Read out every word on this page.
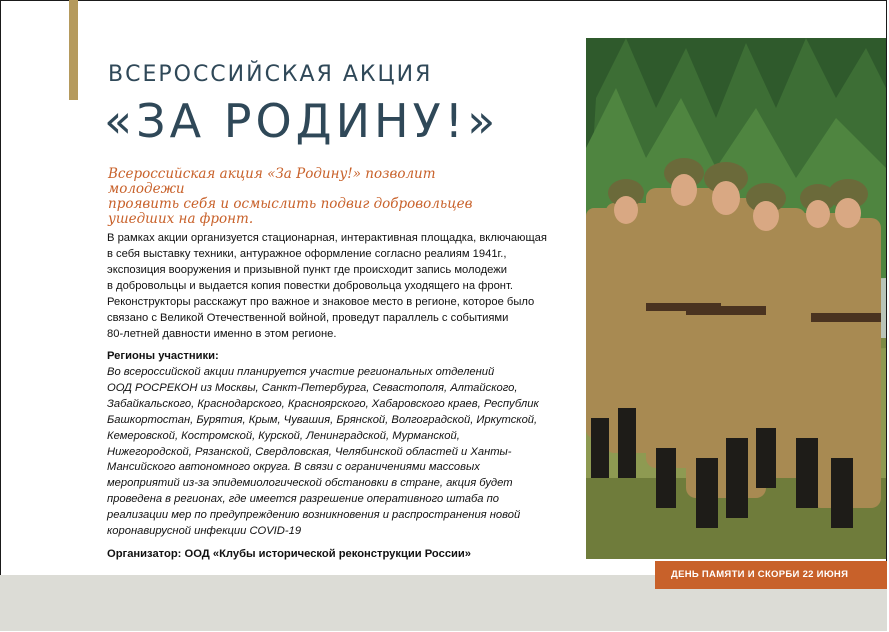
ВСЕРОССИЙСКАЯ АКЦИЯ
«ЗА РОДИНУ!»
Всероссийская акция «За Родину!» позволит молодежи
проявить себя и осмыслить подвиг добровольцев
ушедших на фронт.
В рамках акции организуется стационарная, интерактивная площадка, включающая
в себя выставку техники, антуражное оформление согласно реалиям 1941г.,
экспозиция вооружения и призывной пункт где происходит запись молодежи
в добровольцы и выдается копия повестки добровольца уходящего на фронт.
Реконструкторы расскажут про важное и знаковое место в регионе, которое было
связано с Великой Отечественной войной, проведут параллель с событиями
80-летней давности именно в этом регионе.
Регионы участники:
Во всероссийской акции планируется участие региональных отделений
ООД РОСРЕКОН из Москвы, Санкт-Петербурга, Севастополя, Алтайского,
Забайкальского, Краснодарского, Красноярского, Хабаровского краев, Республик
Башкортостан, Бурятия, Крым, Чувашия, Брянской, Волгоградской, Иркутской,
Кемеровской, Костромской, Курской, Ленинградской, Мурманской,
Нижегородской, Рязанской, Свердловская, Челябинской областей и Ханты-
Мансийского автономного округа. В связи с ограничениями массовых
мероприятий из-за эпидемиологической обстановки в стране, акция будет
проведена в регионах, где имеется разрешение оперативного штаба по
реализации мер по предупреждению возникновения и распространения новой
коронавирусной инфекции COVID-19
Организатор: ООД «Клубы исторической реконструкции России»
ДЕНЬ ПАМЯТИ И СКОРБИ 22 ИЮНЯ
